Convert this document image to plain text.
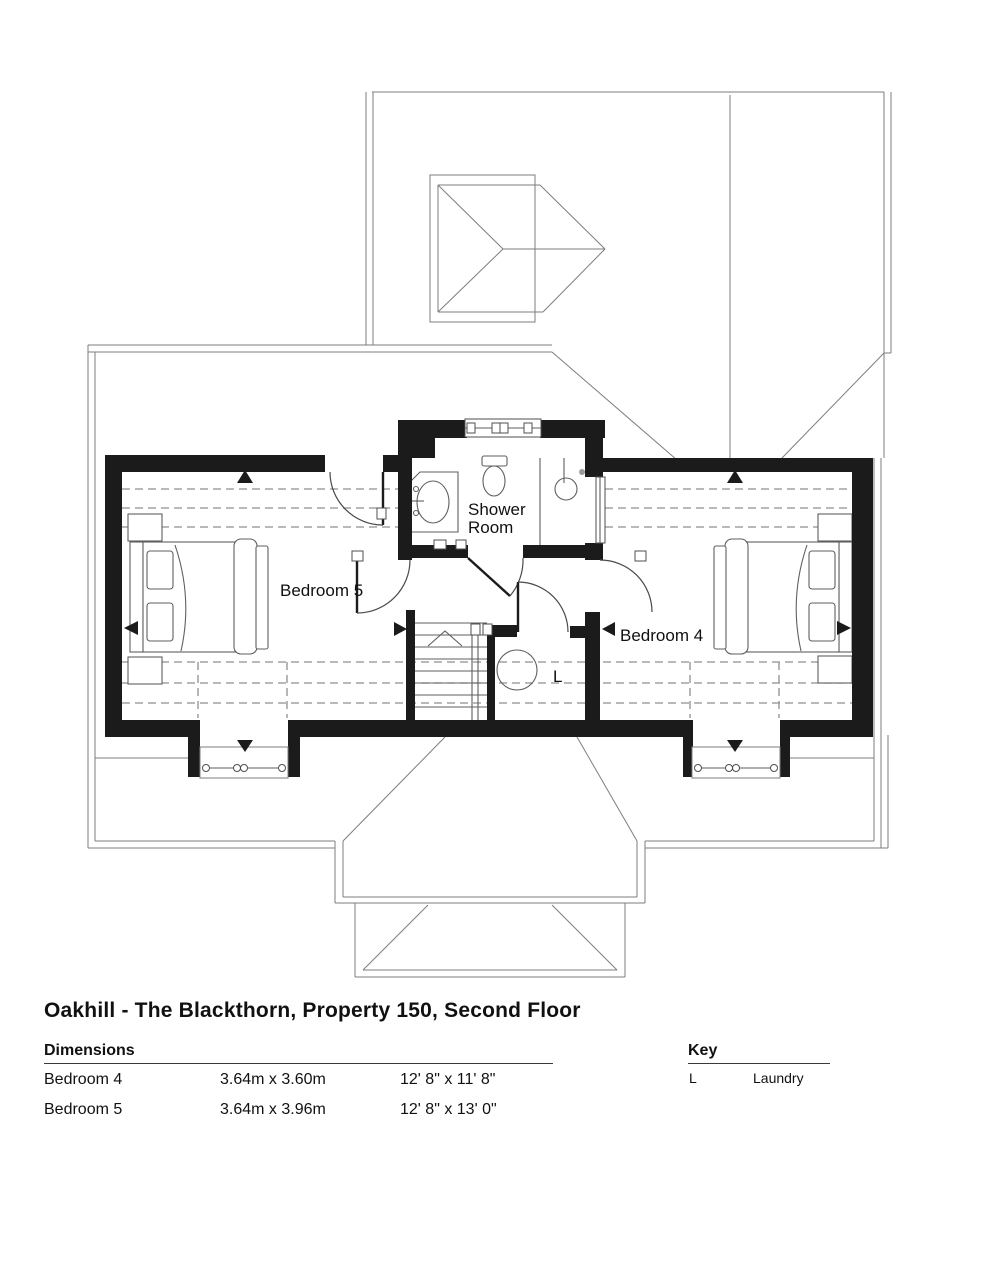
Bedroom 5
Bedroom 4
Shower
Room
L
Oakhill - The Blackthorn, Property 150, Second Floor
Dimensions
Bedroom 4	3.64m x 3.60m	12' 8" x 11' 8"
Bedroom 5	3.64m x 3.96m	12' 8" x 13' 0"
Key
L	Laundry
